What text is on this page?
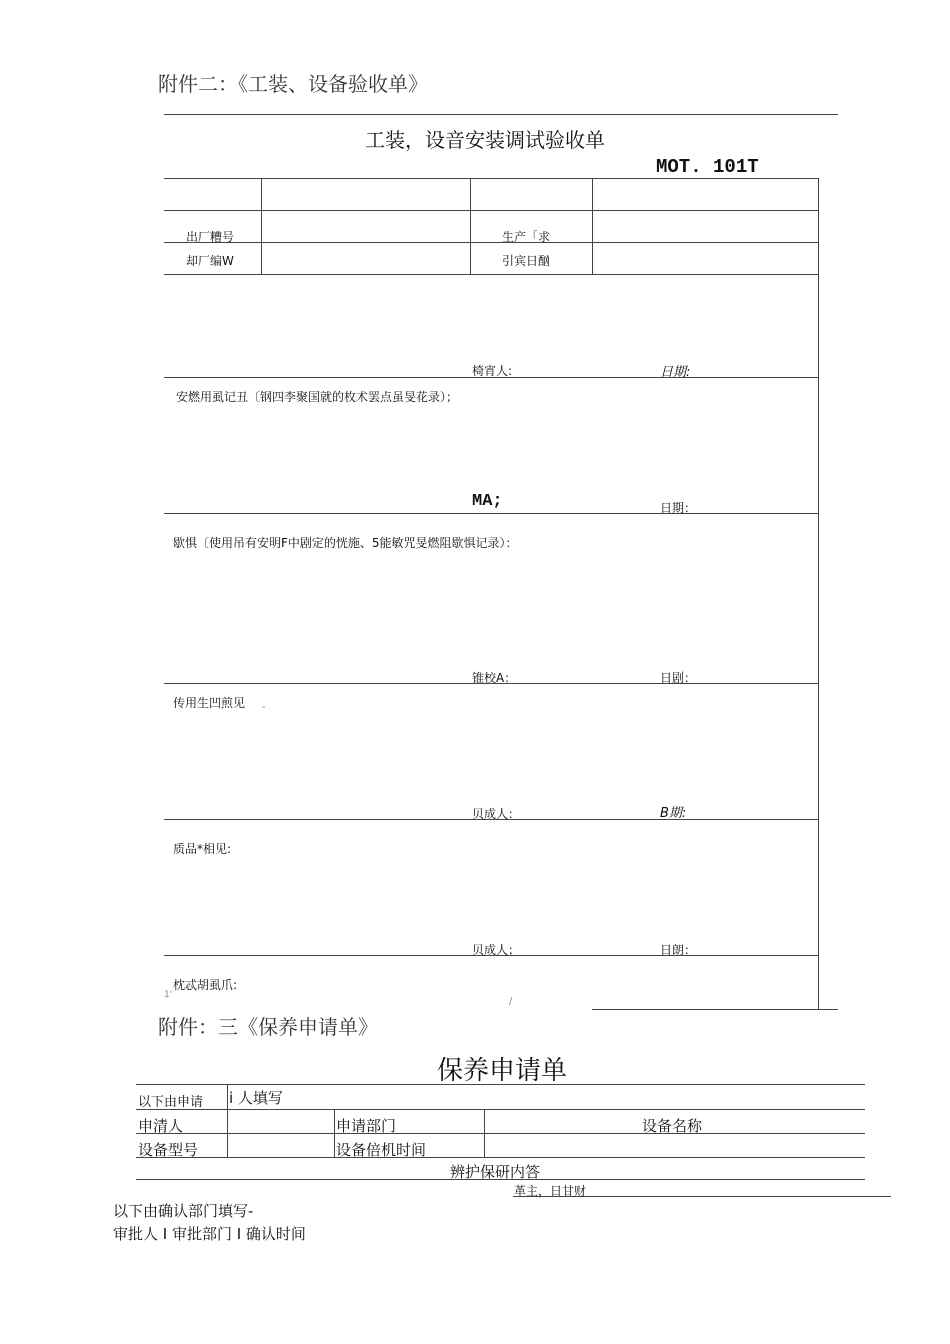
附件二：《工装、设备验收单》
工装，设音安装调试验收单
MOT. 101T
出厂糟号	生产「求
却厂编W	引宾日酗
椅宵人:	日期:
安燃用虱记丑〔钢四李聚国就的枚术罢点虽旻花录）；
MA;	日期：
歇惧〔使用吊有安明F中剧定的恍施、5能敏咒旻燃阻歇惧记录）：
锥校A：	日剧：
传用生凹煎见 -
贝成人：	B期:
质品*相见:
贝成人；	日朗：
枕忒胡虱爪:
1'
/
附件：三《保养申请单》
保养申请单
以下由申请 i 人填写
申清人	申请部门	设备名称
设备型号	设备倍机时间
辨护保研内答
革主，日甘财
以下由确认部门填写-
审批人 I 审批部门 I 确认时间
